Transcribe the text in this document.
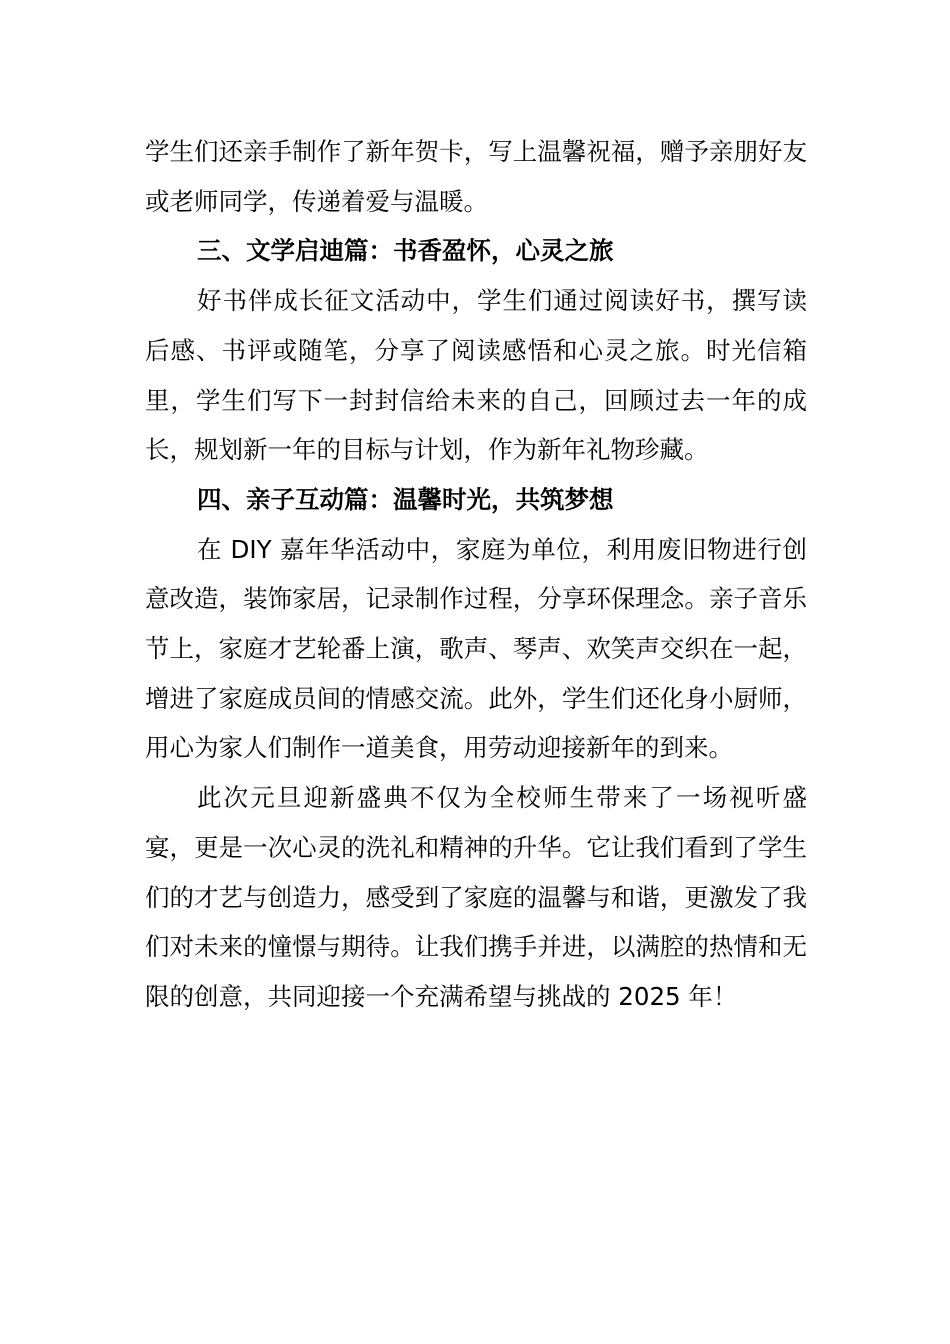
学生们还亲手制作了新年贺卡，写上温馨祝福，赠予亲朋好友或老师同学，传递着爱与温暖。

三、文学启迪篇：书香盈怀，心灵之旅

好书伴成长征文活动中，学生们通过阅读好书，撰写读后感、书评或随笔，分享了阅读感悟和心灵之旅。时光信箱里，学生们写下一封封信给未来的自己，回顾过去一年的成长，规划新一年的目标与计划，作为新年礼物珍藏。

四、亲子互动篇：温馨时光，共筑梦想

在 DIY 嘉年华活动中，家庭为单位，利用废旧物进行创意改造，装饰家居，记录制作过程，分享环保理念。亲子音乐节上，家庭才艺轮番上演，歌声、琴声、欢笑声交织在一起，增进了家庭成员间的情感交流。此外，学生们还化身小厨师，用心为家人们制作一道美食，用劳动迎接新年的到来。

此次元旦迎新盛典不仅为全校师生带来了一场视听盛宴，更是一次心灵的洗礼和精神的升华。它让我们看到了学生们的才艺与创造力，感受到了家庭的温馨与和谐，更激发了我们对未来的憧憬与期待。让我们携手并进，以满腔的热情和无限的创意，共同迎接一个充满希望与挑战的 2025 年！
